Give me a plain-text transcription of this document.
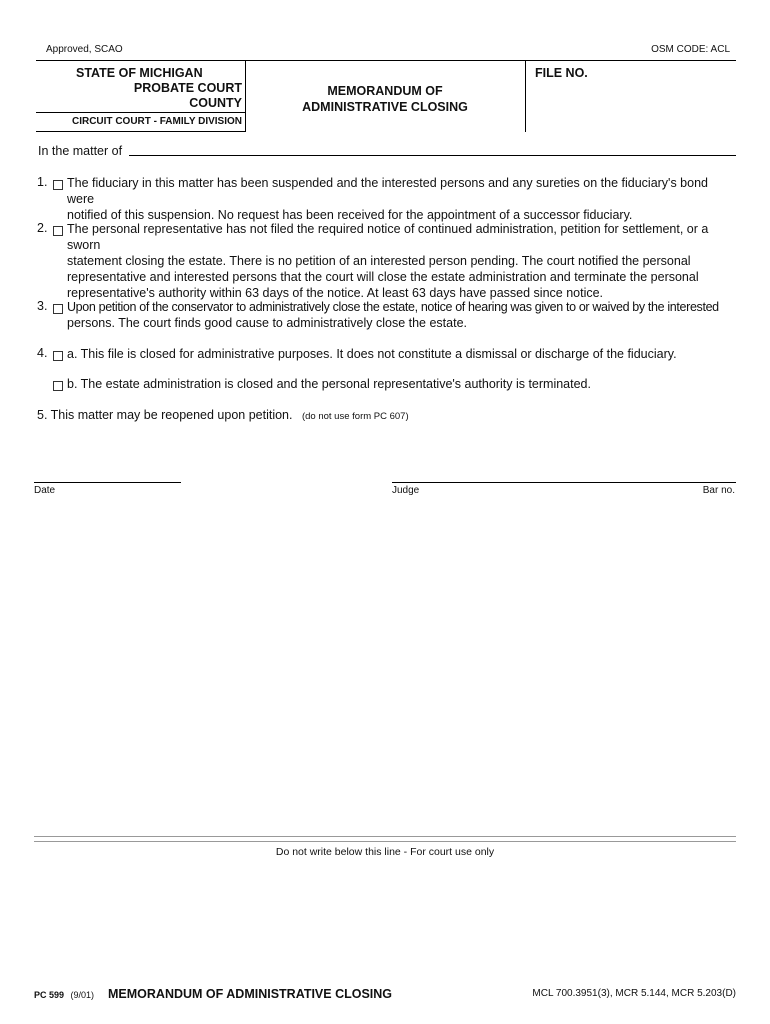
Approved, SCAO	OSM CODE: ACL
STATE OF MICHIGAN
PROBATE COURT
COUNTY
CIRCUIT COURT - FAMILY DIVISION
MEMORANDUM OF
ADMINISTRATIVE CLOSING
FILE NO.
In the matter of
1. The fiduciary in this matter has been suspended and the interested persons and any sureties on the fiduciary's bond were

notified of this suspension. No request has been received for the appointment of a successor fiduciary.

2. The personal representative has not filed the required notice of continued administration, petition for settlement, or a sworn

statement closing the estate. There is no petition of an interested person pending. The court notified the personal

representative and interested persons that the court will close the estate administration and terminate the personal

representative's authority within 63 days of the notice. At least 63 days have passed since notice.

3. Upon petition of the conservator to administratively close the estate, notice of hearing was given to or waived by the interested

persons. The court finds good cause to administratively close the estate.

4. a. This file is closed for administrative purposes. It does not constitute a dismissal or discharge of the fiduciary.
b. The estate administration is closed and the personal representative's authority is terminated.
5. This matter may be reopened upon petition. (do not use form PC 607)
Date	Judge	Bar no.
Do not write below this line - For court use only
PC 599 (9/01) MEMORANDUM OF ADMINISTRATIVE CLOSING	MCL 700.3951(3), MCR 5.144, MCR 5.203(D)
